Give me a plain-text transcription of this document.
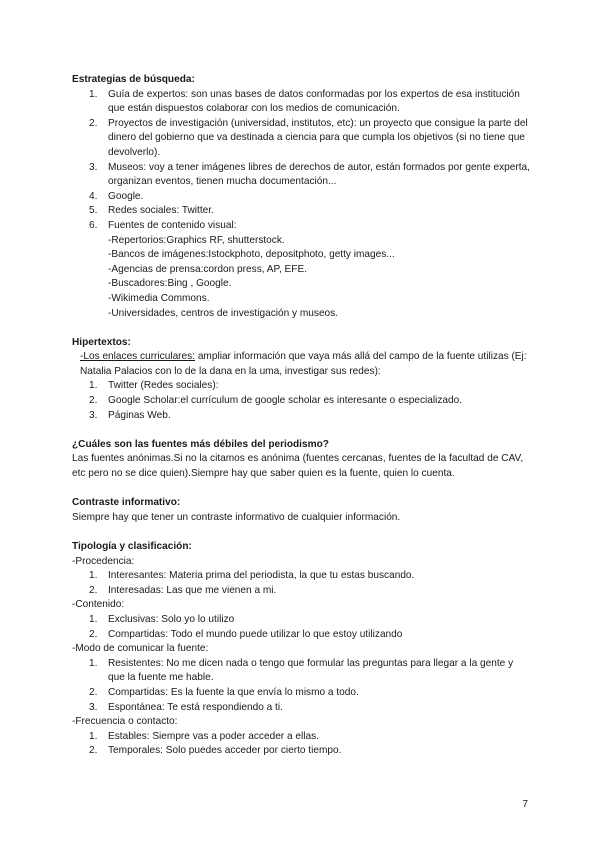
Estrategias de búsqueda:

1. Guía de expertos: son unas bases de datos conformadas por los expertos de esa institución que están dispuestos colaborar con los medios de comunicación.
2. Proyectos de investigación (universidad, institutos, etc): un proyecto que consigue la parte del dinero del gobierno que va destinada a ciencia para que cumpla los objetivos (si no tiene que devolverlo).
3. Museos: voy a tener imágenes libres de derechos de autor, están formados por gente experta, organizan eventos, tienen mucha documentación...
4. Google.
5. Redes sociales: Twitter.
6. Fuentes de contenido visual:

-Repertorios:Graphics RF, shutterstock.

-Bancos de imágenes:Istockphoto, depositphoto, getty images...

-Agencias de prensa:cordon press, AP, EFE.

-Buscadores:Bing , Google.

-Wikimedia Commons.

-Universidades, centros de investigación y museos.

Hipertextos:

-Los enlaces curriculares: ampliar información que vaya más allá del campo de la fuente utilizas (Ej: Natalia Palacios con lo de la dana en la uma, investigar sus redes):

1. Twitter (Redes sociales):
2. Google Scholar:el currículum de google scholar es interesante o especializado.
3. Páginas Web.

¿Cuáles son las fuentes más débiles del periodismo?

Las fuentes anónimas.Si no la citamos es anónima (fuentes cercanas, fuentes de la facultad de CAV, etc pero no se dice quien).Siempre hay que saber quien es la fuente, quien lo cuenta.

Contraste informativo:

Siempre hay que tener un contraste informativo de cualquier información.

Tipología y clasificación:

-Procedencia:

1. Interesantes: Materia prima del periodista, la que tu estas buscando.
2. Interesadas: Las que me vienen a mi.

-Contenido:

1. Exclusivas: Solo yo lo utilizo
2. Compartidas: Todo el mundo puede utilizar lo que estoy utilizando

-Modo de comunicar la fuente:

1. Resistentes: No me dicen nada o tengo que formular las preguntas para llegar a la gente y que la fuente me hable.
2. Compartidas: Es la fuente la que envía lo mismo a todo.
3. Espontánea: Te está respondiendo a ti.

-Frecuencia o contacto:

1. Estables: Siempre vas a poder acceder a ellas.
2. Temporales: Solo puedes acceder por cierto tiempo.
7
